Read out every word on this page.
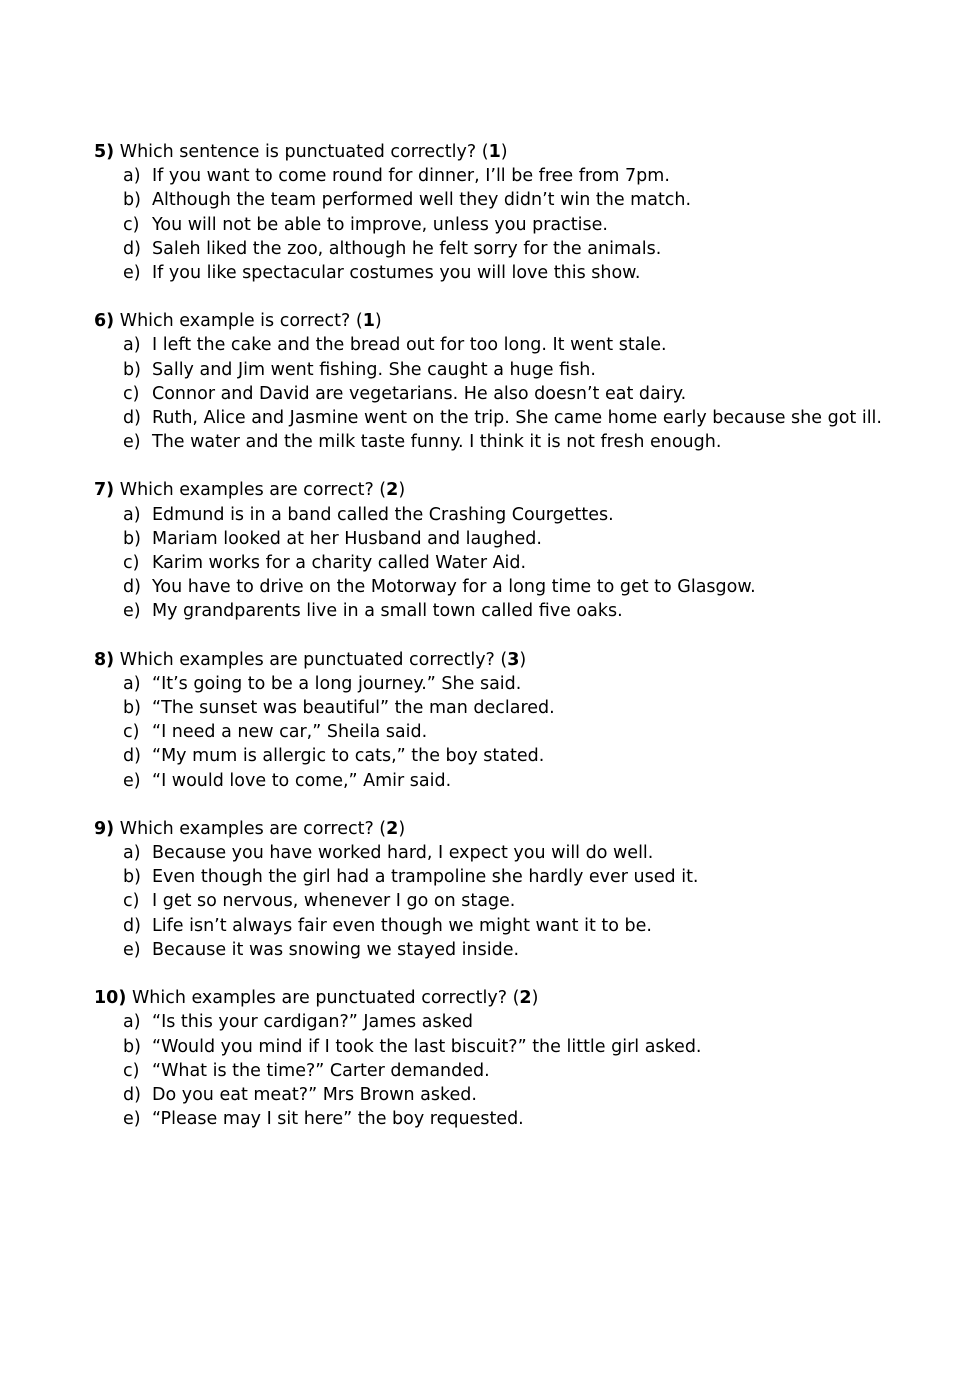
5) Which sentence is punctuated correctly? (1)
a) If you want to come round for dinner, I’ll be free from 7pm.
b) Although the team performed well they didn’t win the match.
c) You will not be able to improve, unless you practise.
d) Saleh liked the zoo, although he felt sorry for the animals.
e) If you like spectacular costumes you will love this show.
6) Which example is correct? (1)
a) I left the cake and the bread out for too long. It went stale.
b) Sally and Jim went fishing. She caught a huge fish.
c) Connor and David are vegetarians. He also doesn’t eat dairy.
d) Ruth, Alice and Jasmine went on the trip. She came home early because she got ill.
e) The water and the milk taste funny. I think it is not fresh enough.
7) Which examples are correct? (2)
a) Edmund is in a band called the Crashing Courgettes.
b) Mariam looked at her Husband and laughed.
c) Karim works for a charity called Water Aid.
d) You have to drive on the Motorway for a long time to get to Glasgow.
e) My grandparents live in a small town called five oaks.
8) Which examples are punctuated correctly? (3)
a) “It’s going to be a long journey.” She said.
b) “The sunset was beautiful” the man declared.
c) “I need a new car,” Sheila said.
d) “My mum is allergic to cats,” the boy stated.
e) “I would love to come,” Amir said.
9) Which examples are correct? (2)
a) Because you have worked hard, I expect you will do well.
b) Even though the girl had a trampoline she hardly ever used it.
c) I get so nervous, whenever I go on stage.
d) Life isn’t always fair even though we might want it to be.
e) Because it was snowing we stayed inside.
10) Which examples are punctuated correctly? (2)
a) “Is this your cardigan?” James asked
b) “Would you mind if I took the last biscuit?” the little girl asked.
c) “What is the time?” Carter demanded.
d) Do you eat meat?” Mrs Brown asked.
e) “Please may I sit here” the boy requested.
